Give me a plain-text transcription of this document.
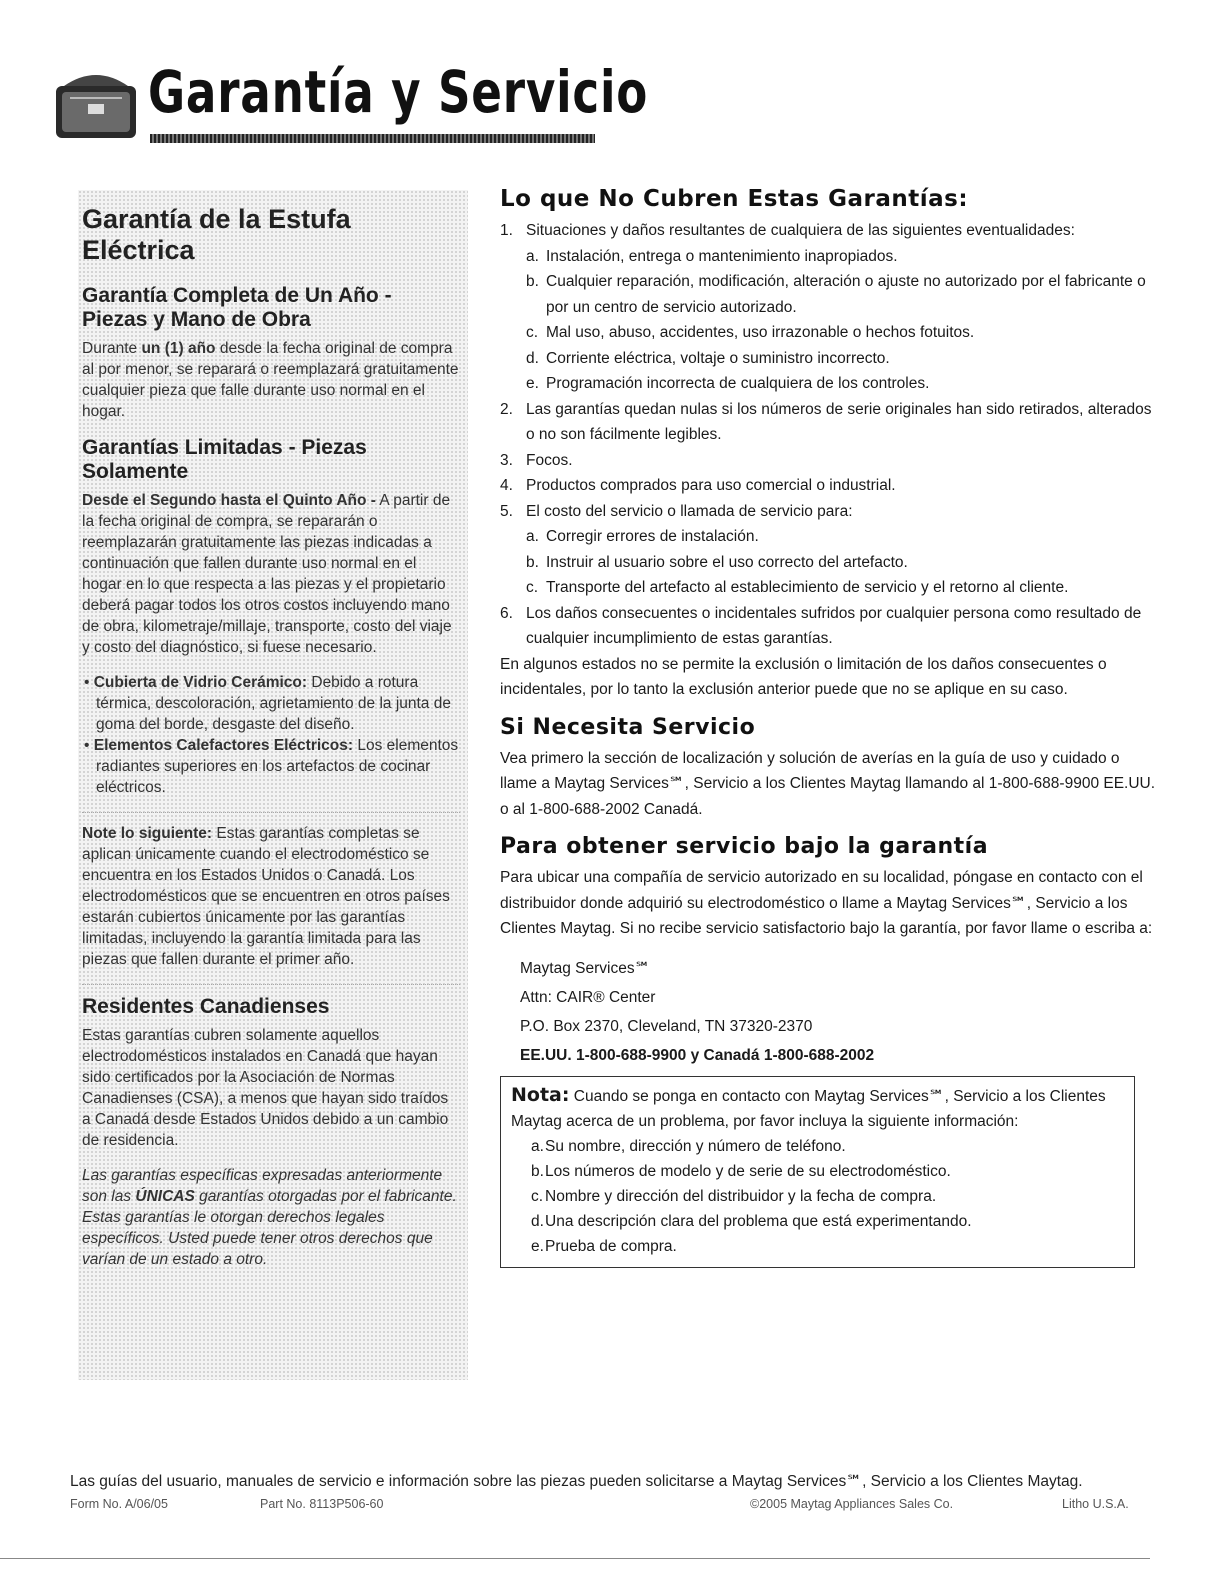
Garantía y Servicio
Garantía de la Estufa Eléctrica
Garantía Completa de Un Año - Piezas y Mano de Obra

Durante un (1) año desde la fecha original de compra al por menor, se reparará o reemplazará gratuitamente cualquier pieza que falle durante uso normal en el hogar.

Garantías Limitadas - Piezas Solamente

Desde el Segundo hasta el Quinto Año - A partir de la fecha original de compra, se repararán o reemplazarán gratuitamente las piezas indicadas a continuación que fallen durante uso normal en el hogar en lo que respecta a las piezas y el propietario deberá pagar todos los otros costos incluyendo mano de obra, kilometraje/millaje, transporte, costo del viaje y costo del diagnóstico, si fuese necesario.

• Cubierta de Vidrio Cerámico: Debido a rotura térmica, descoloración, agrietamiento de la junta de goma del borde, desgaste del diseño.
• Elementos Calefactores Eléctricos: Los elementos radiantes superiores en los artefactos de cocinar eléctricos.

Note lo siguiente: Estas garantías completas se aplican únicamente cuando el electrodoméstico se encuentra en los Estados Unidos o Canadá. Los electrodomésticos que se encuentren en otros países estarán cubiertos únicamente por las garantías limitadas, incluyendo la garantía limitada para las piezas que fallen durante el primer año.

Residentes Canadienses

Estas garantías cubren solamente aquellos electrodomésticos instalados en Canadá que hayan sido certificados por la Asociación de Normas Canadienses (CSA), a menos que hayan sido traídos a Canadá desde Estados Unidos debido a un cambio de residencia.

Las garantías específicas expresadas anteriormente son las ÚNICAS garantías otorgadas por el fabricante. Estas garantías le otorgan derechos legales específicos. Usted puede tener otros derechos que varían de un estado a otro.

Lo que No Cubren Estas Garantías:
1. Situaciones y daños resultantes de cualquiera de las siguientes eventualidades:
a. Instalación, entrega o mantenimiento inapropiados.
b. Cualquier reparación, modificación, alteración o ajuste no autorizado por el fabricante o por un centro de servicio autorizado.
c. Mal uso, abuso, accidentes, uso irrazonable o hechos fotuitos.
d. Corriente eléctrica, voltaje o suministro incorrecto.
e. Programación incorrecta de cualquiera de los controles.
2. Las garantías quedan nulas si los números de serie originales han sido retirados, alterados o no son fácilmente legibles.
3. Focos.
4. Productos comprados para uso comercial o industrial.
5. El costo del servicio o llamada de servicio para:
a. Corregir errores de instalación.
b. Instruir al usuario sobre el uso correcto del artefacto.
c. Transporte del artefacto al establecimiento de servicio y el retorno al cliente.
6. Los daños consecuentes o incidentales sufridos por cualquier persona como resultado de cualquier incumplimiento de estas garantías.

En algunos estados no se permite la exclusión o limitación de los daños consecuentes o incidentales, por lo tanto la exclusión anterior puede que no se aplique en su caso.

Si Necesita Servicio

Vea primero la sección de localización y solución de averías en la guía de uso y cuidado o llame a Maytag Services℠, Servicio a los Clientes Maytag llamando al 1-800-688-9900 EE.UU. o al 1-800-688-2002 Canadá.

Para obtener servicio bajo la garantía

Para ubicar una compañía de servicio autorizado en su localidad, póngase en contacto con el distribuidor donde adquirió su electrodoméstico o llame a Maytag Services℠, Servicio a los Clientes Maytag. Si no recibe servicio satisfactorio bajo la garantía, por favor llame o escriba a:

Maytag Services℠
Attn: CAIR® Center
P.O. Box 2370, Cleveland, TN 37320-2370
EE.UU. 1-800-688-9900 y Canadá 1-800-688-2002
Nota: Cuando se ponga en contacto con Maytag Services℠, Servicio a los Clientes Maytag acerca de un problema, por favor incluya la siguiente información:
a. Su nombre, dirección y número de teléfono.
b. Los números de modelo y de serie de su electrodoméstico.
c. Nombre y dirección del distribuidor y la fecha de compra.
d. Una descripción clara del problema que está experimentando.
e. Prueba de compra.
Las guías del usuario, manuales de servicio e información sobre las piezas pueden solicitarse a Maytag Services℠, Servicio a los Clientes Maytag.
Form No. A/06/05	Part No. 8113P506-60	©2005 Maytag Appliances Sales Co.	Litho U.S.A.
